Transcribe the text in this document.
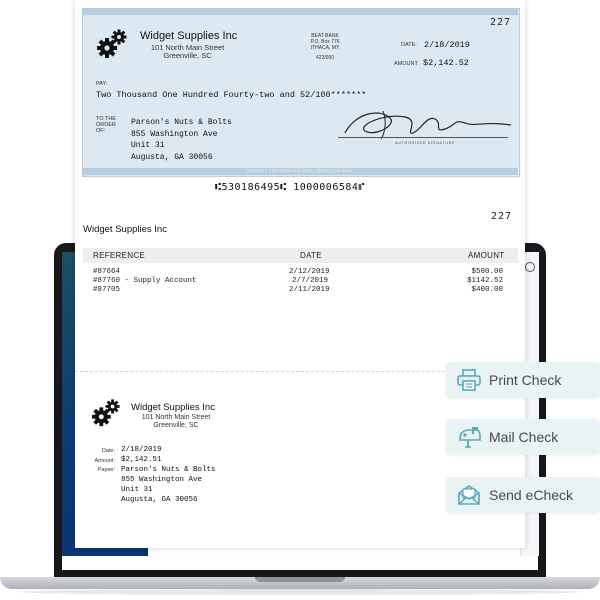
SECURITY FEATURES INCLUDED. DETAILS ON BACK
Widget Supplies Inc
101 North Main Street
Greenville, SC
BEAT BANK
P.O. Box 776
ITHACA, MY
422/000
227
DATE: 2/18/2019
AMOUNT $2,142.52
PAY:
Two Thousand One Hundred Fourty-two and 52/100*******
TO THE
ORDER
OF:
Parson's Nuts & Bolts
855 Washington Ave
Unit 31
Augusta, GA 30056
AUTHORIZED SIGNATURE
⑆530186495⑆ 1000006584⑈
227
Widget Supplies Inc
REFERENCE	DATE	AMOUNT
#87664	2/12/2019	$500.00
#87760 - Supply Account	2/7/2019	$1142.52
#87705	2/11/2019	$400.00
Widget Supplies Inc
101 North Main Street
Greenville, SC
Date: 2/18/2019
Amount: $2,142.51
Payee: Parson's Nuts & Bolts
855 Washington Ave
Unit 31
Augusta, GA 30056
Print Check
Mail Check
Send eCheck
